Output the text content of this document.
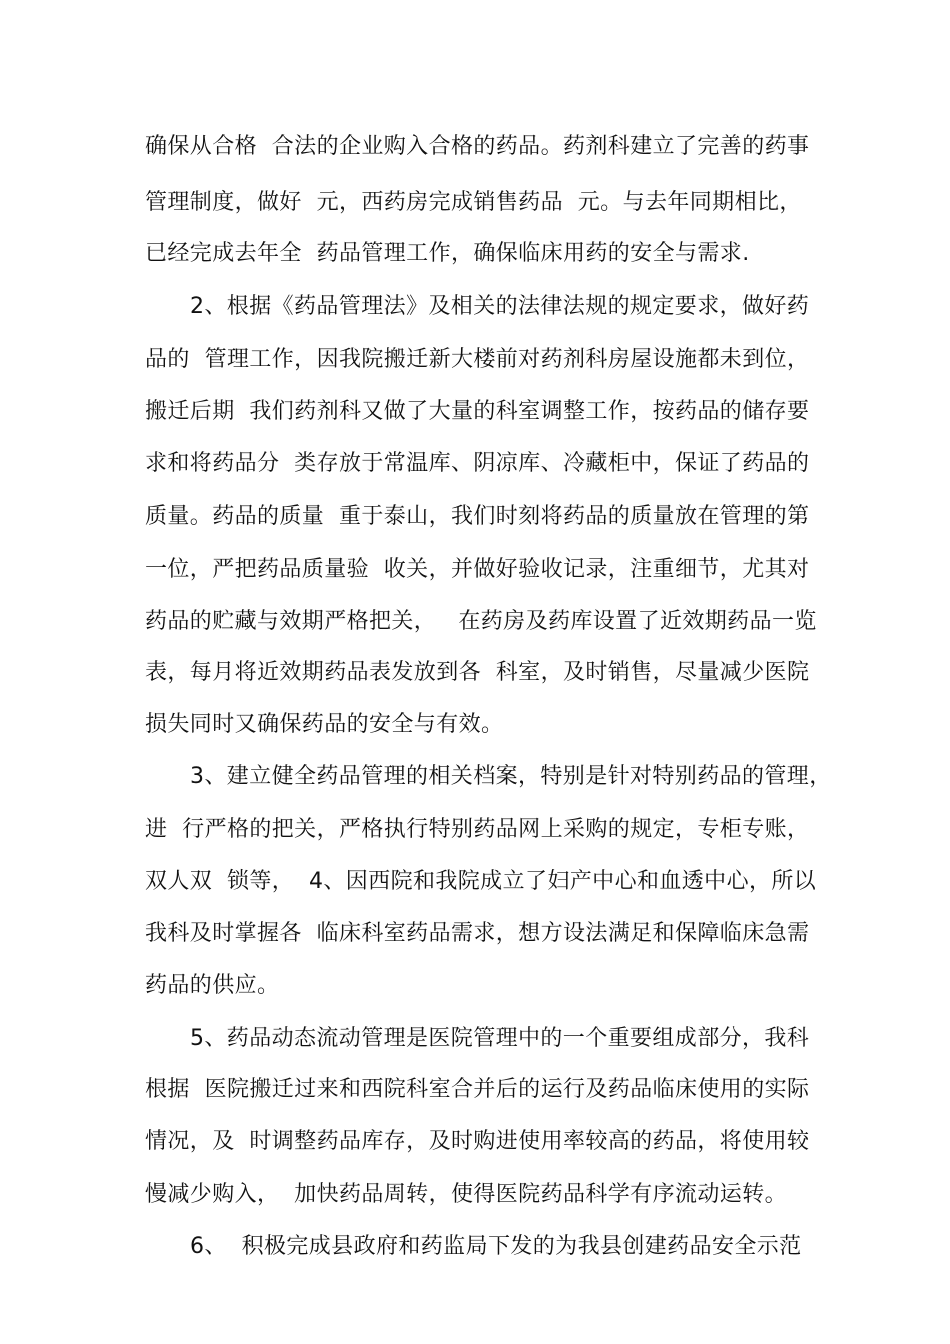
确保从合格  合法的企业购入合格的药品。药剂科建立了完善的药事

管理制度，做好  元，西药房完成销售药品  元。与去年同期相比，

已经完成去年全  药品管理工作，确保临床用药的安全与需求.

2、根据《药品管理法》及相关的法律法规的规定要求，做好药

品的  管理工作，因我院搬迁新大楼前对药剂科房屋设施都未到位，

搬迁后期  我们药剂科又做了大量的科室调整工作，按药品的储存要

求和将药品分  类存放于常温库、阴凉库、冷藏柜中，保证了药品的

质量。药品的质量  重于泰山，我们时刻将药品的质量放在管理的第

一位，严把药品质量验  收关，并做好验收记录，注重细节，尤其对

药品的贮藏与效期严格把关，   在药房及药库设置了近效期药品一览

表，每月将近效期药品表发放到各  科室，及时销售，尽量减少医院

损失同时又确保药品的安全与有效。

3、建立健全药品管理的相关档案，特别是针对特别药品的管理，

进  行严格的把关，严格执行特别药品网上采购的规定，专柜专账，

双人双  锁等，  4、因西院和我院成立了妇产中心和血透中心，所以

我科及时掌握各  临床科室药品需求，想方设法满足和保障临床急需

药品的供应。

5、药品动态流动管理是医院管理中的一个重要组成部分，我科

根据  医院搬迁过来和西院科室合并后的运行及药品临床使用的实际

情况，及  时调整药品库存，及时购进使用率较高的药品，将使用较

慢减少购入，  加快药品周转，使得医院药品科学有序流动运转。

6、  积极完成县政府和药监局下发的为我县创建药品安全示范
